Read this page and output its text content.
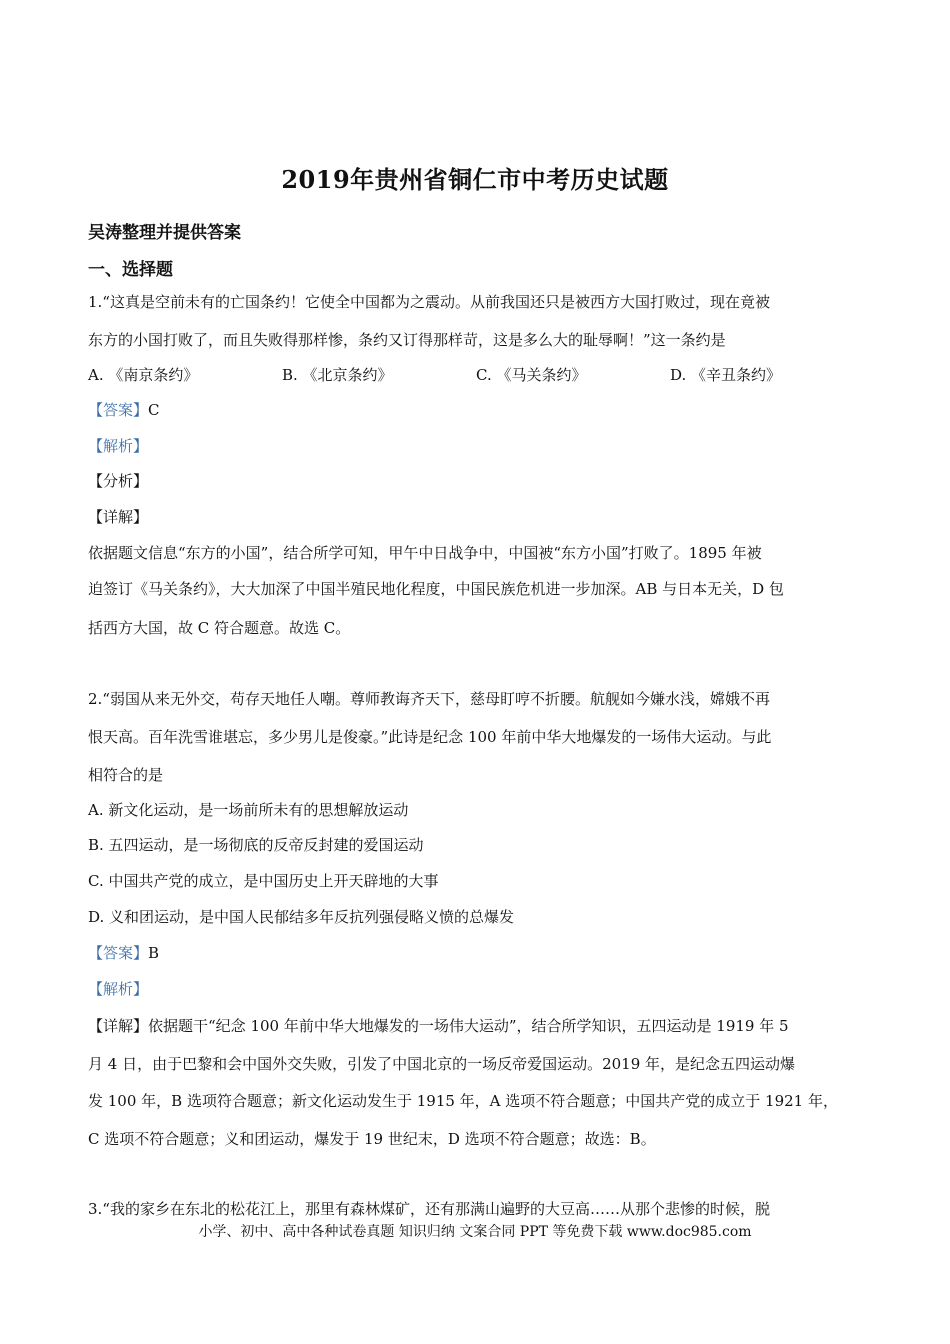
2019年贵州省铜仁市中考历史试题
吴涛整理并提供答案
一、选择题
1.“这真是空前未有的亡国条约！它使全中国都为之震动。从前我国还只是被西方大国打败过，现在竟被
东方的小国打败了，而且失败得那样惨，条约又订得那样苛，这是多么大的耻辱啊！”这一条约是
A. 《南京条约》	B. 《北京条约》	C. 《马关条约》	D. 《辛丑条约》
【答案】C
【解析】
【分析】
【详解】
依据题文信息“东方的小国”，结合所学可知，甲午中日战争中，中国被“东方小国”打败了。1895 年被
迫签订《马关条约》，大大加深了中国半殖民地化程度，中国民族危机进一步加深。AB 与日本无关，D 包
括西方大国，故 C 符合题意。故选 C。
2.“弱国从来无外交，苟存天地任人嘲。尊师教诲齐天下，慈母盯哼不折腰。航舰如今嫌水浅，嫦娥不再
恨天高。百年洗雪谁堪忘，多少男儿是俊豪。”此诗是纪念 100 年前中华大地爆发的一场伟大运动。与此
相符合的是
A. 新文化运动，是一场前所未有的思想解放运动
B. 五四运动，是一场彻底的反帝反封建的爱国运动
C. 中国共产党的成立，是中国历史上开天辟地的大事
D. 义和团运动，是中国人民郁结多年反抗列强侵略义愤的总爆发
【答案】B
【解析】
【详解】依据题干“纪念 100 年前中华大地爆发的一场伟大运动”，结合所学知识，五四运动是 1919 年 5
月 4 日，由于巴黎和会中国外交失败，引发了中国北京的一场反帝爱国运动。2019 年，是纪念五四运动爆
发 100 年，B 选项符合题意；新文化运动发生于 1915 年，A 选项不符合题意；中国共产党的成立于 1921 年，
C 选项不符合题意；义和团运动，爆发于 19 世纪末，D 选项不符合题意；故选：B。
3.“我的家乡在东北的松花江上，那里有森林煤矿，还有那满山遍野的大豆高……从那个悲惨的时候，脱
小学、初中、高中各种试卷真题 知识归纳 文案合同 PPT 等免费下载 www.doc985.com
